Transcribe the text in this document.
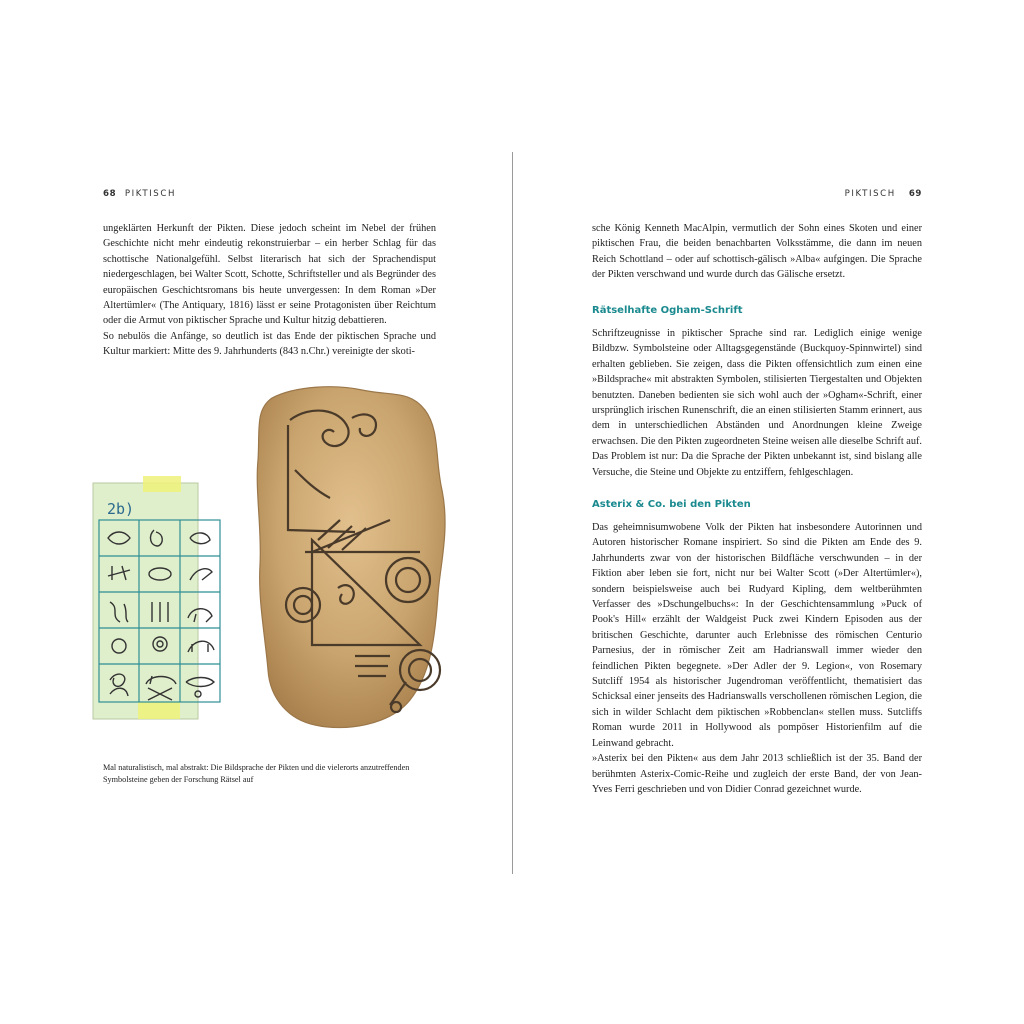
68 PIKTISCH	PIKTISCH 69

ungeklärten Herkunft der Pikten. Diese jedoch scheint im Nebel der frühen Geschichte nicht mehr eindeutig rekonstruierbar – ein herber Schlag für das schottische Nationalgefühl. Selbst literarisch hat sich der Sprachendisput niedergeschlagen, bei Walter Scott, Schotte, Schriftsteller und als Begründer des europäischen Geschichtsromans bis heute unvergessen: In dem Roman »Der Altertümler« (The Antiquary, 1816) lässt er seine Protagonisten über Reichtum oder die Armut von piktischer Sprache und Kultur hitzig debattieren.

So nebulös die Anfänge, so deutlich ist das Ende der piktischen Sprache und Kultur markiert: Mitte des 9. Jahrhunderts (843 n.Chr.) vereinigte der skoti-

2b)

Mal naturalistisch, mal abstrakt: Die Bildsprache der Pikten und die vielerorts anzutreffenden Symbolsteine geben der Forschung Rätsel auf

sche König Kenneth MacAlpin, vermutlich der Sohn eines Skoten und einer piktischen Frau, die beiden benachbarten Volksstämme, die dann im neuen Reich Schottland – oder auf schottisch-gälisch »Alba« aufgingen. Die Sprache der Pikten verschwand und wurde durch das Gälische ersetzt.

Rätselhafte Ogham-Schrift

Schriftzeugnisse in piktischer Sprache sind rar. Lediglich einige wenige Bildbzw. Symbolsteine oder Alltagsgegenstände (Buckquoy-Spinnwirtel) sind erhalten geblieben. Sie zeigen, dass die Pikten offensichtlich zum einen eine »Bildsprache« mit abstrakten Symbolen, stilisierten Tiergestalten und Objekten benutzten. Daneben bedienten sie sich wohl auch der »Ogham«-Schrift, einer ursprünglich irischen Runenschrift, die an einen stilisierten Stamm erinnert, aus dem in unterschiedlichen Abständen und Anordnungen kleine Zweige erwachsen. Die den Pikten zugeordneten Steine weisen alle dieselbe Schrift auf. Das Problem ist nur: Da die Sprache der Pikten unbekannt ist, sind bislang alle Versuche, die Steine und Objekte zu entziffern, fehlgeschlagen.

Asterix & Co. bei den Pikten

Das geheimnisumwobene Volk der Pikten hat insbesondere Autorinnen und Autoren historischer Romane inspiriert. So sind die Pikten am Ende des 9. Jahrhunderts zwar von der historischen Bildfläche verschwunden – in der Fiktion aber leben sie fort, nicht nur bei Walter Scott (»Der Altertümler«), sondern beispielsweise auch bei Rudyard Kipling, dem weltberühmten Verfasser des »Dschungelbuchs«: In der Geschichtensammlung »Puck of Pook's Hill« erzählt der Waldgeist Puck zwei Kindern Episoden aus der britischen Geschichte, darunter auch Erlebnisse des römischen Centurio Parnesius, der in römischer Zeit am Hadrianswall immer wieder den feindlichen Pikten begegnete. »Der Adler der 9. Legion«, von Rosemary Sutcliff 1954 als historischer Jugendroman veröffentlicht, thematisiert das Schicksal einer jenseits des Hadrianswalls verschollenen römischen Legion, die sich in wilder Schlacht dem piktischen »Robbenclan« stellen muss. Sutcliffs Roman wurde 2011 in Hollywood als pompöser Historienfilm auf die Leinwand gebracht.

»Asterix bei den Pikten« aus dem Jahr 2013 schließlich ist der 35. Band der berühmten Asterix-Comic-Reihe und zugleich der erste Band, der von Jean-Yves Ferri geschrieben und von Didier Conrad gezeichnet wurde.
